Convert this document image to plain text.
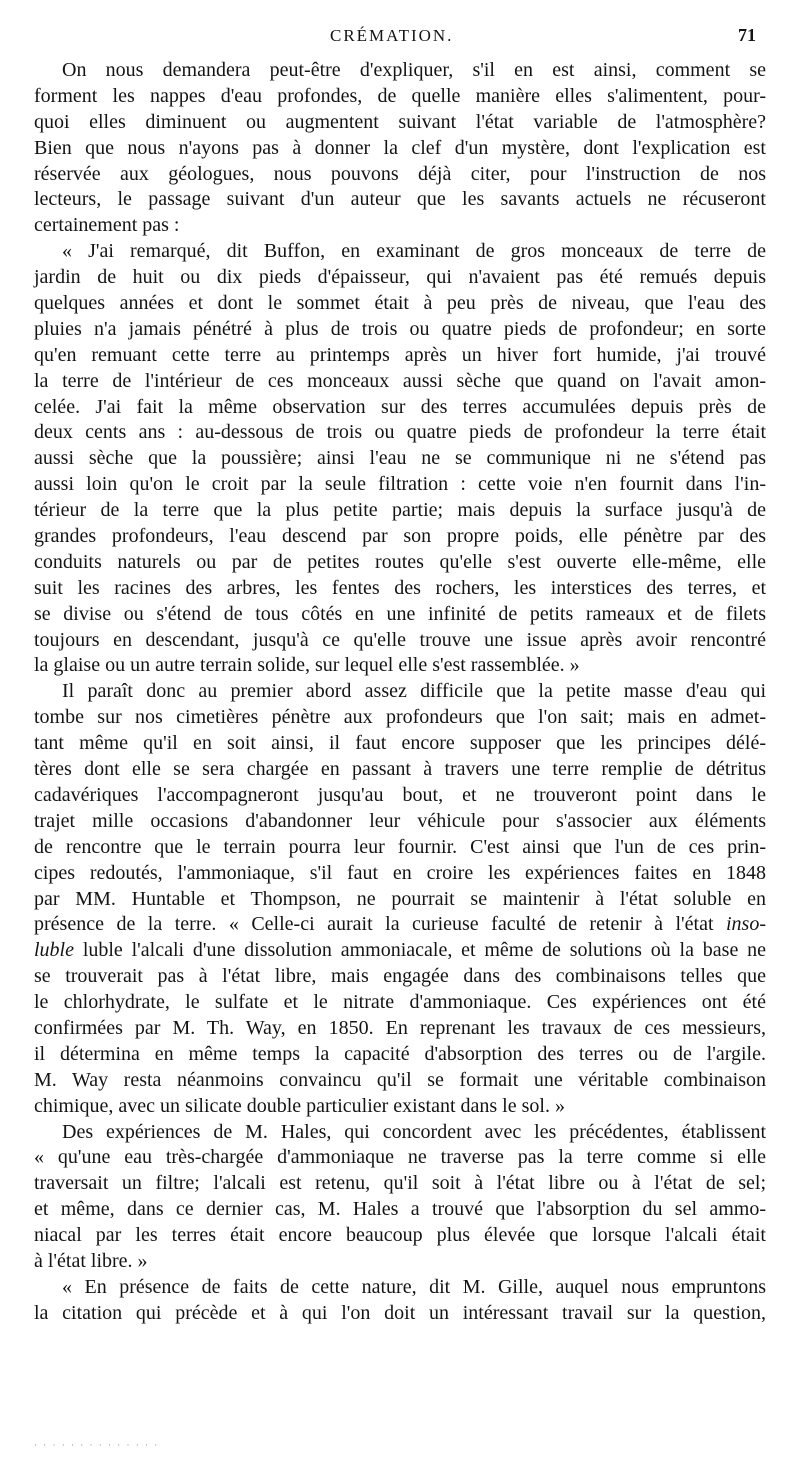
CRÉMATION.	71
On nous demandera peut-être d'expliquer, s'il en est ainsi, comment se
forment les nappes d'eau profondes, de quelle manière elles s'alimentent, pour-
quoi elles diminuent ou augmentent suivant l'état variable de l'atmosphère?
Bien que nous n'ayons pas à donner la clef d'un mystère, dont l'explication est
réservée aux géologues, nous pouvons déjà citer, pour l'instruction de nos
lecteurs, le passage suivant d'un auteur que les savants actuels ne récuseront
certainement pas :
« J'ai remarqué, dit Buffon, en examinant de gros monceaux de terre de
jardin de huit ou dix pieds d'épaisseur, qui n'avaient pas été remués depuis
quelques années et dont le sommet était à peu près de niveau, que l'eau des
pluies n'a jamais pénétré à plus de trois ou quatre pieds de profondeur; en sorte
qu'en remuant cette terre au printemps après un hiver fort humide, j'ai trouvé
la terre de l'intérieur de ces monceaux aussi sèche que quand on l'avait amon-
celée. J'ai fait la même observation sur des terres accumulées depuis près de
deux cents ans : au-dessous de trois ou quatre pieds de profondeur la terre était
aussi sèche que la poussière; ainsi l'eau ne se communique ni ne s'étend pas
aussi loin qu'on le croit par la seule filtration : cette voie n'en fournit dans l'in-
térieur de la terre que la plus petite partie; mais depuis la surface jusqu'à de
grandes profondeurs, l'eau descend par son propre poids, elle pénètre par des
conduits naturels ou par de petites routes qu'elle s'est ouverte elle-même, elle
suit les racines des arbres, les fentes des rochers, les interstices des terres, et
se divise ou s'étend de tous côtés en une infinité de petits rameaux et de filets
toujours en descendant, jusqu'à ce qu'elle trouve une issue après avoir rencontré
la glaise ou un autre terrain solide, sur lequel elle s'est rassemblée. »
Il paraît donc au premier abord assez difficile que la petite masse d'eau qui
tombe sur nos cimetières pénètre aux profondeurs que l'on sait; mais en admet-
tant même qu'il en soit ainsi, il faut encore supposer que les principes délé-
tères dont elle se sera chargée en passant à travers une terre remplie de détritus
cadavériques l'accompagneront jusqu'au bout, et ne trouveront point dans le
trajet mille occasions d'abandonner leur véhicule pour s'associer aux éléments
de rencontre que le terrain pourra leur fournir. C'est ainsi que l'un de ces prin-
cipes redoutés, l'ammoniaque, s'il faut en croire les expériences faites en 1848
par MM. Huntable et Thompson, ne pourrait se maintenir à l'état soluble en
présence de la terre. « Celle-ci aurait la curieuse faculté de retenir à l'état inso-
luble luble l'alcali d'une dissolution ammoniacale, et même de solutions où la base ne
se trouverait pas à l'état libre, mais engagée dans des combinaisons telles que
le chlorhydrate, le sulfate et le nitrate d'ammoniaque. Ces expériences ont été
confirmées par M. Th. Way, en 1850. En reprenant les travaux de ces messieurs,
il détermina en même temps la capacité d'absorption des terres ou de l'argile.
M. Way resta néanmoins convaincu qu'il se formait une véritable combinaison
chimique, avec un silicate double particulier existant dans le sol. »
Des expériences de M. Hales, qui concordent avec les précédentes, établissent
« qu'une eau très-chargée d'ammoniaque ne traverse pas la terre comme si elle
traversait un filtre; l'alcali est retenu, qu'il soit à l'état libre ou à l'état de sel;
et même, dans ce dernier cas, M. Hales a trouvé que l'absorption du sel ammo-
niacal par les terres était encore beaucoup plus élevée que lorsque l'alcali était
à l'état libre. »
« En présence de faits de cette nature, dit M. Gille, auquel nous empruntons
la citation qui précède et à qui l'on doit un intéressant travail sur la question,
· · · · · · · · · · · · · ·
